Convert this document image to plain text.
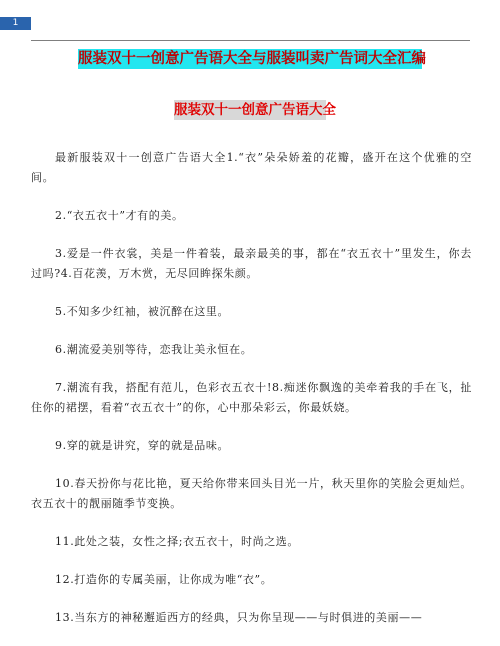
1
服装双十一创意广告语大全与服装叫卖广告词大全汇编
服装双十一创意广告语大全

最新服装双十一创意广告语大全1.“衣”朵朵娇羞的花瓣，盛开在这个优雅的空间。

2.“衣五衣十”才有的美。

3.爱是一件衣裳，美是一件着装，最亲最美的事，都在“衣五衣十”里发生，你去过吗?4.百花羡，万木赏，无尽回眸探朱颜。

5.不知多少红袖，被沉醉在这里。

6.潮流爱美别等待，恋我让美永恒在。

7.潮流有我，搭配有范儿，色彩衣五衣十!8.痴迷你飘逸的美牵着我的手在飞，扯住你的裙摆，看着“衣五衣十”的你，心中那朵彩云，你最妖娆。

9.穿的就是讲究，穿的就是品味。

10.春天扮你与花比艳，夏天给你带来回头目光一片，秋天里你的笑脸会更灿烂。衣五衣十的靓丽随季节变换。

11.此处之装，女性之择;衣五衣十，时尚之选。

12.打造你的专属美丽，让你成为唯“衣”。

13.当东方的神秘邂逅西方的经典，只为你呈现——与时俱进的美丽——
